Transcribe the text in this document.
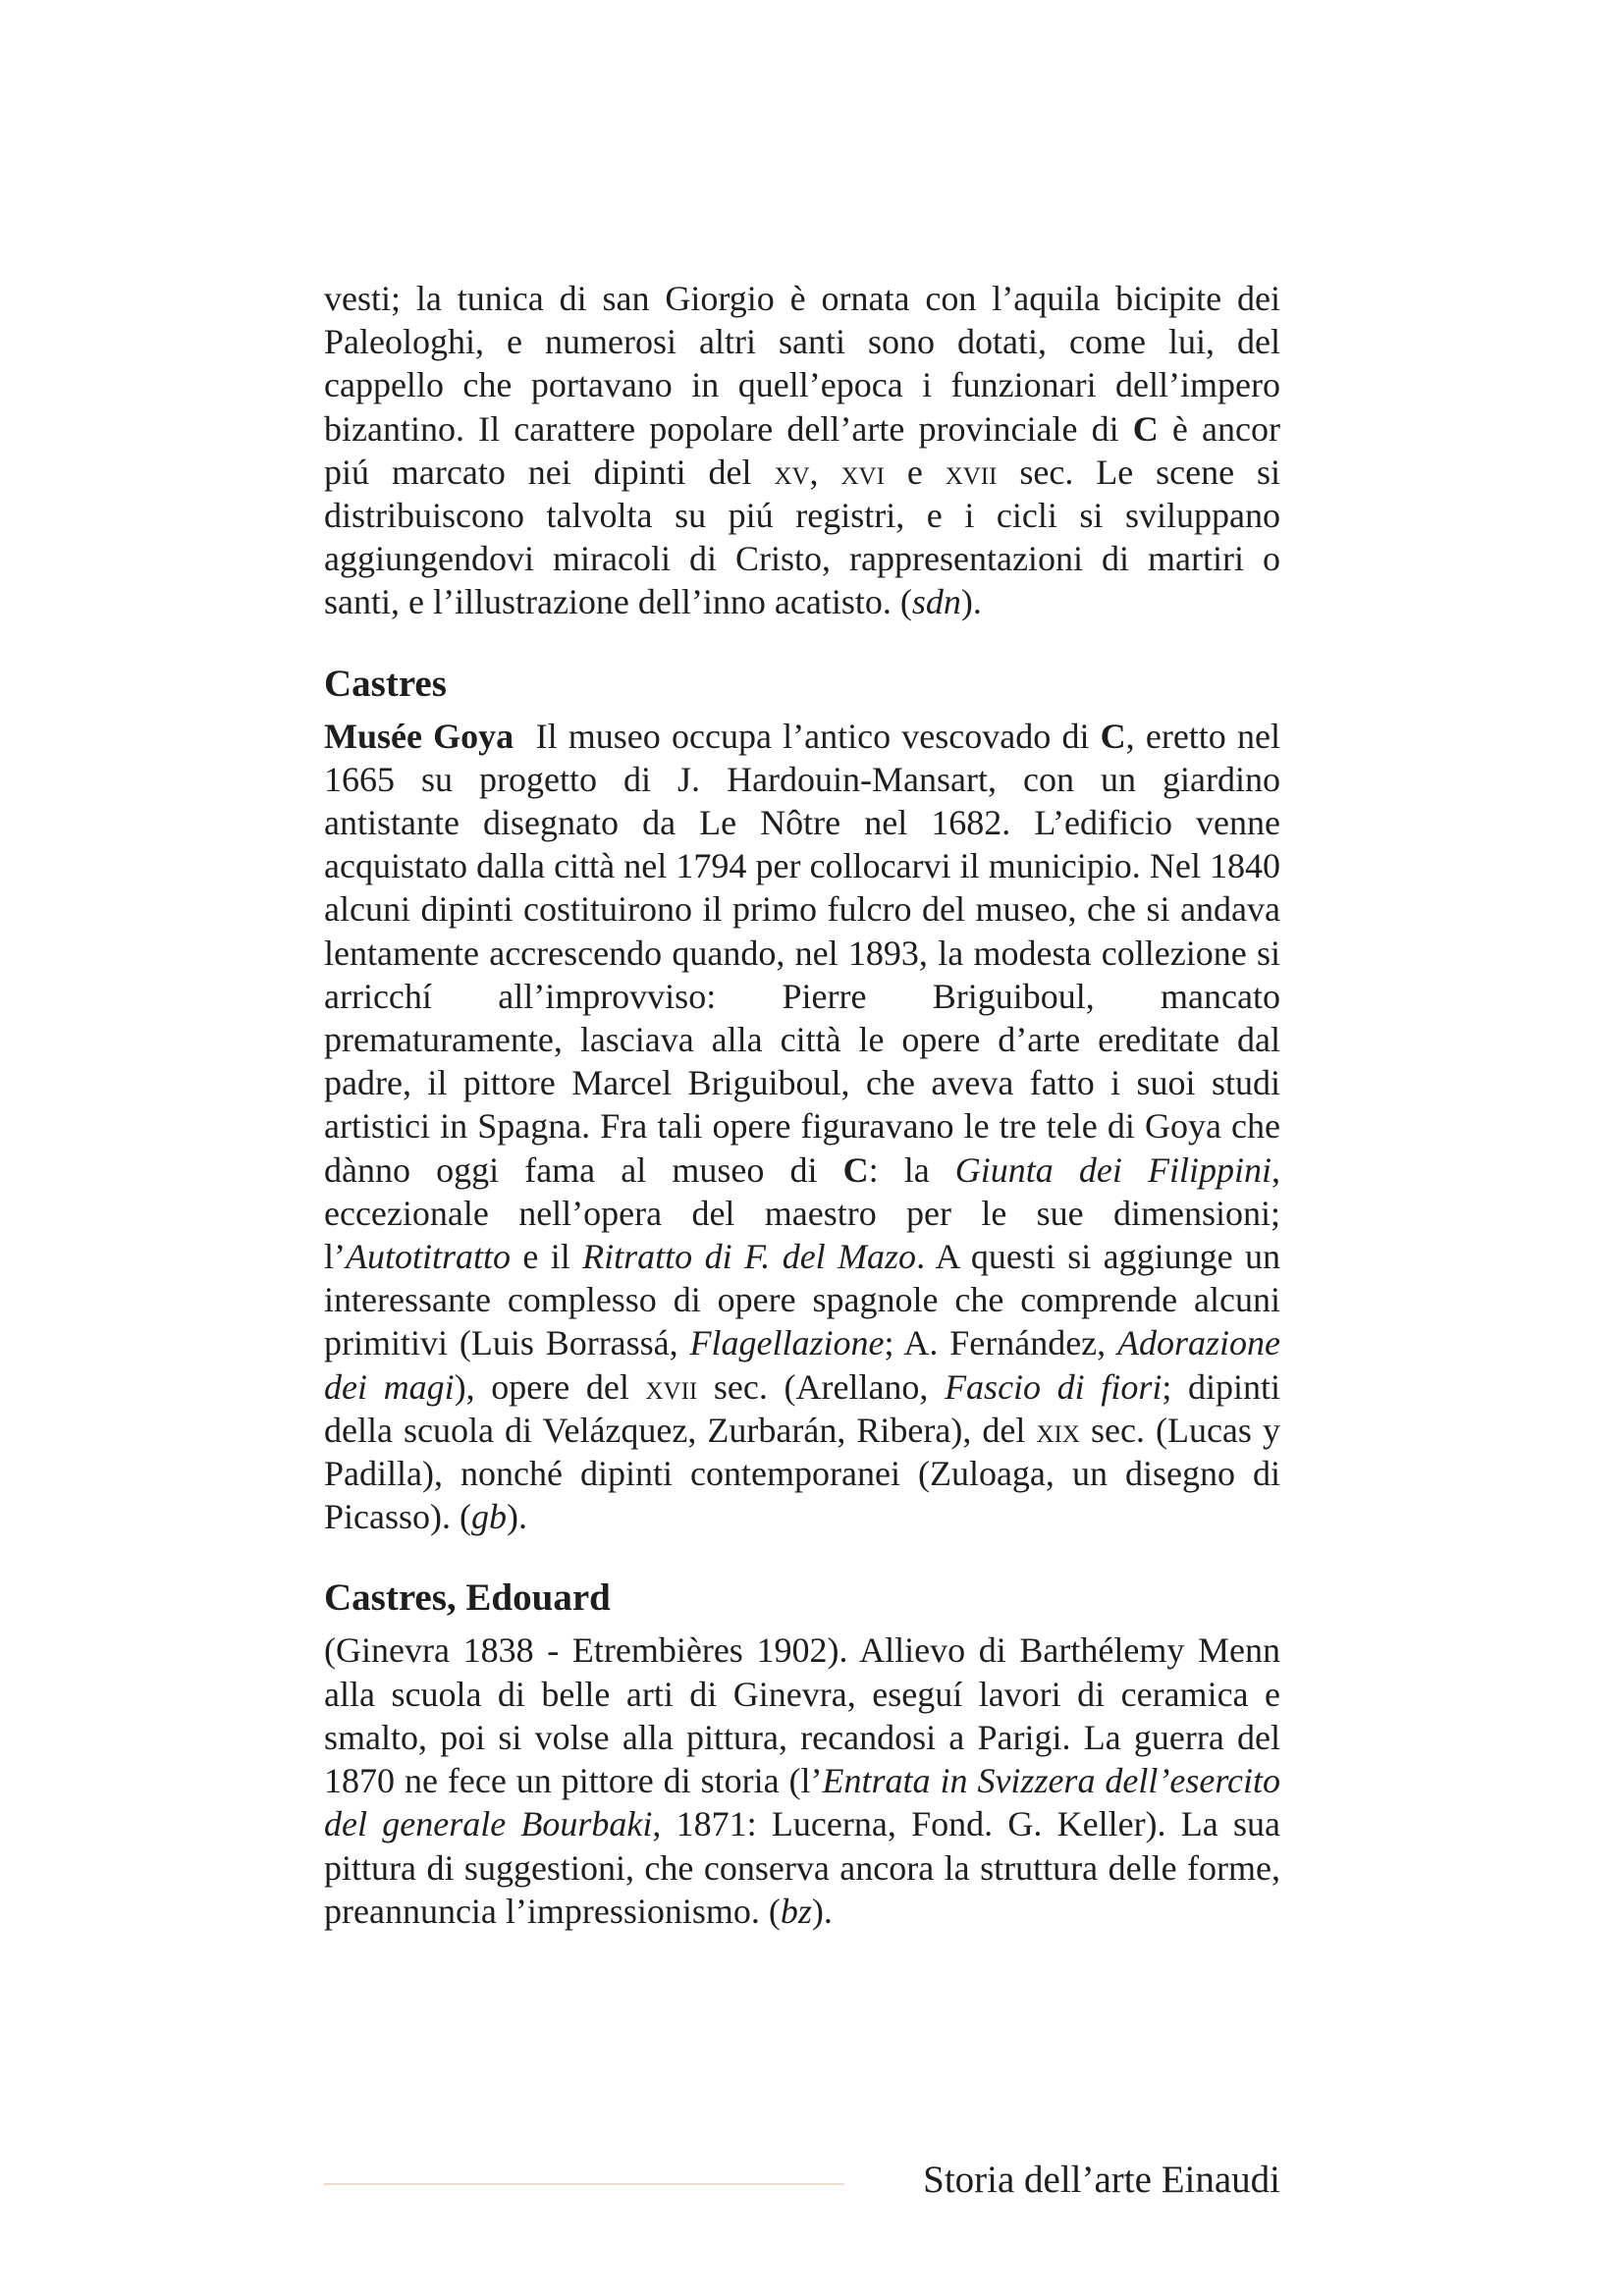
vesti; la tunica di san Giorgio è ornata con l’aquila bicipite dei Paleologhi, e numerosi altri santi sono dotati, come lui, del cappello che portavano in quell’epoca i funzionari dell’impero bizantino. Il carattere popolare dell’arte provinciale di C è ancor piú marcato nei dipinti del xv, xvi e xvii sec. Le scene si distribuiscono talvolta su piú registri, e i cicli si sviluppano aggiungendovi miracoli di Cristo, rappresentazioni di martiri o santi, e l’illustrazione dell’inno acatisto. (sdn).

Castres

Musée Goya  Il museo occupa l’antico vescovado di C, eretto nel 1665 su progetto di J. Hardouin-Mansart, con un giardino antistante disegnato da Le Nôtre nel 1682. L’edificio venne acquistato dalla città nel 1794 per collocarvi il municipio. Nel 1840 alcuni dipinti costituirono il primo fulcro del museo, che si andava lentamente accrescendo quando, nel 1893, la modesta collezione si arricchí all’improvviso: Pierre Briguiboul, mancato prematuramente, lasciava alla città le opere d’arte ereditate dal padre, il pittore Marcel Briguiboul, che aveva fatto i suoi studi artistici in Spagna. Fra tali opere figuravano le tre tele di Goya che dànno oggi fama al museo di C: la Giunta dei Filippini, eccezionale nell’opera del maestro per le sue dimensioni; l’Autotitratto e il Ritratto di F. del Mazo. A questi si aggiunge un interessante complesso di opere spagnole che comprende alcuni primitivi (Luis Borrassá, Flagellazione; A. Fernández, Adorazione dei magi), opere del xvii sec. (Arellano, Fascio di fiori; dipinti della scuola di Velázquez, Zurbarán, Ribera), del xix sec. (Lucas y Padilla), nonché dipinti contemporanei (Zuloaga, un disegno di Picasso). (gb).

Castres, Edouard

(Ginevra 1838 - Etrembières 1902). Allievo di Barthélemy Menn alla scuola di belle arti di Ginevra, eseguí lavori di ceramica e smalto, poi si volse alla pittura, recandosi a Parigi. La guerra del 1870 ne fece un pittore di storia (l’Entrata in Svizzera dell’esercito del generale Bourbaki, 1871: Lucerna, Fond. G. Keller). La sua pittura di suggestioni, che conserva ancora la struttura delle forme, preannuncia l’impressionismo. (bz).

Storia dell’arte Einaudi
